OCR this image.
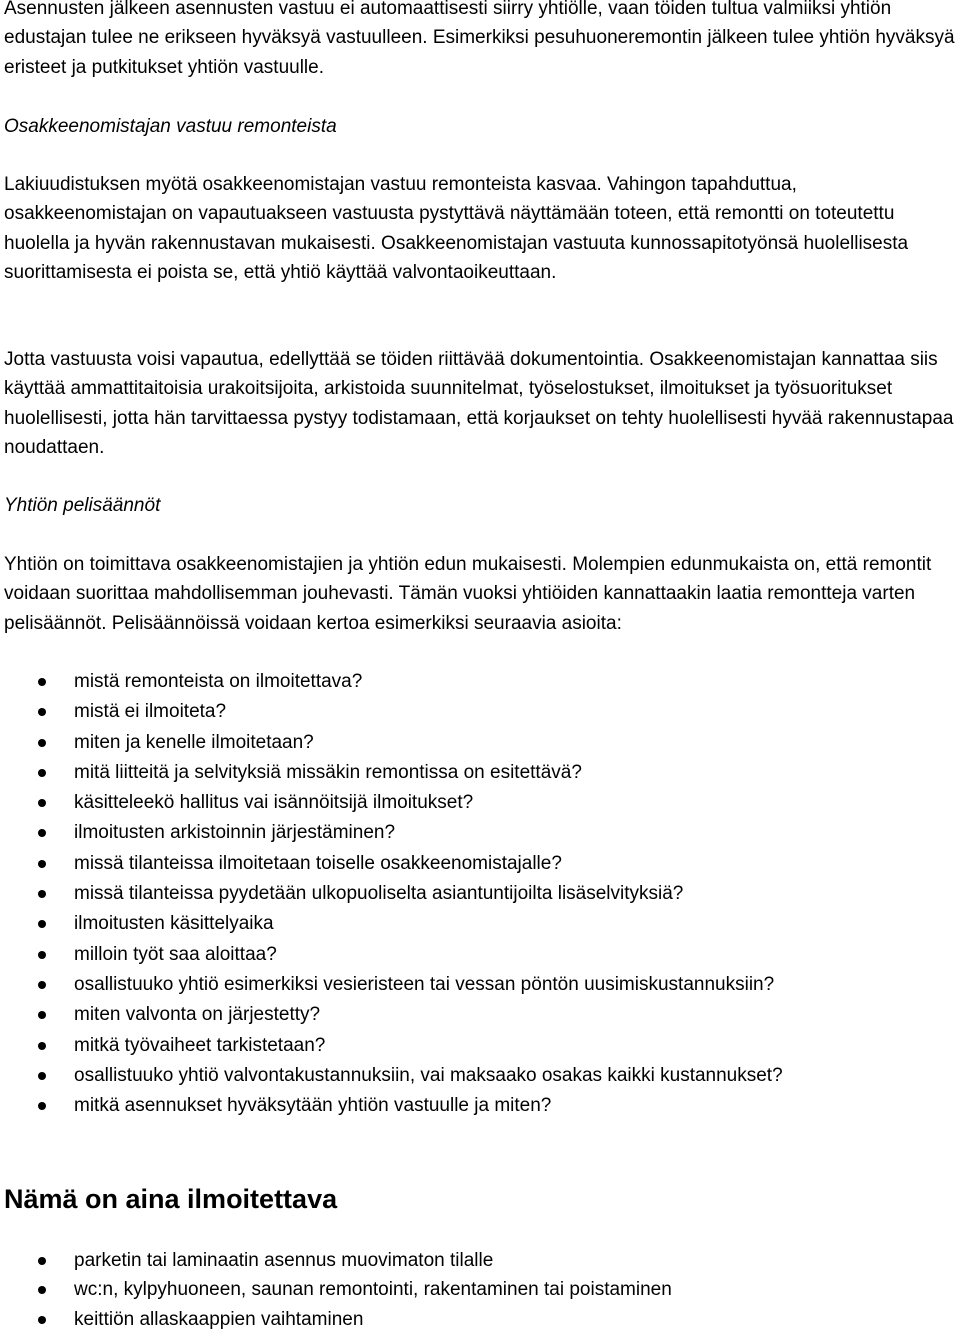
Asennusten jälkeen asennusten vastuu ei automaattisesti siirry yhtiölle, vaan töiden tultua valmiiksi yhtiön edustajan tulee ne erikseen hyväksyä vastuulleen. Esimerkiksi pesuhuoneremontin jälkeen tulee yhtiön hyväksyä eristeet ja putkitukset yhtiön vastuulle.

Osakkeenomistajan vastuu remonteista

Lakiuudistuksen myötä osakkeenomistajan vastuu remonteista kasvaa. Vahingon tapahduttua, osakkeenomistajan on vapautuakseen vastuusta pystyttävä näyttämään toteen, että remontti on toteutettu huolella ja hyvän rakennustavan mukaisesti. Osakkeenomistajan vastuuta kunnossapitotyönsä huolellisesta suorittamisesta ei poista se, että yhtiö käyttää valvontaoikeuttaan.

Jotta vastuusta voisi vapautua, edellyttää se töiden riittävää dokumentointia. Osakkeenomistajan kannattaa siis käyttää ammattitaitoisia urakoitsijoita, arkistoida suunnitelmat, työselostukset, ilmoitukset ja työsuoritukset huolellisesti, jotta hän tarvittaessa pystyy todistamaan, että korjaukset on tehty huolellisesti hyvää rakennustapaa noudattaen.

Yhtiön pelisäännöt

Yhtiön on toimittava osakkeenomistajien ja yhtiön edun mukaisesti. Molempien edunmukaista on, että remontit voidaan suorittaa mahdollisemman jouhevasti. Tämän vuoksi yhtiöiden kannattaakin laatia remontteja varten pelisäännöt. Pelisäännöissä voidaan kertoa esimerkiksi seuraavia asioita:

mistä remonteista on ilmoitettava?
mistä ei ilmoiteta?
miten ja kenelle ilmoitetaan?
mitä liitteitä ja selvityksiä missäkin remontissa on esitettävä?
käsitteleekö hallitus vai isännöitsijä ilmoitukset?
ilmoitusten arkistoinnin järjestäminen?
missä tilanteissa ilmoitetaan toiselle osakkeenomistajalle?
missä tilanteissa pyydetään ulkopuoliselta asiantuntijoilta lisäselvityksiä?
ilmoitusten käsittelyaika
milloin työt saa aloittaa?
osallistuuko yhtiö esimerkiksi vesieristeen tai vessan pöntön uusimiskustannuksiin?
miten valvonta on järjestetty?
mitkä työvaiheet tarkistetaan?
osallistuuko yhtiö valvontakustannuksiin, vai maksaako osakas kaikki kustannukset?
mitkä asennukset hyväksytään yhtiön vastuulle ja miten?
Nämä on aina ilmoitettava
parketin tai laminaatin asennus muovimaton tilalle
wc:n, kylpyhuoneen, saunan remontointi, rakentaminen tai poistaminen
keittiön allaskaappien vaihtaminen
